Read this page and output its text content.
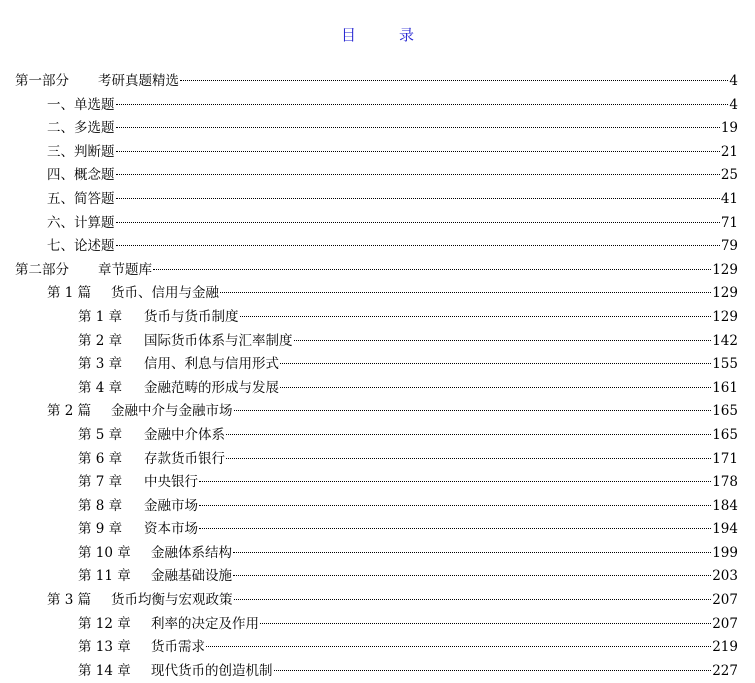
目　录
第一部分 考研真题精选	4
一、单选题	4
二、多选题	19
三、判断题	21
四、概念题	25
五、简答题	41
六、计算题	71
七、论述题	79
第二部分 章节题库	129
第 1 篇 货币、信用与金融	129
第 1 章 货币与货币制度	129
第 2 章 国际货币体系与汇率制度	142
第 3 章 信用、利息与信用形式	155
第 4 章 金融范畴的形成与发展	161
第 2 篇 金融中介与金融市场	165
第 5 章 金融中介体系	165
第 6 章 存款货币银行	171
第 7 章 中央银行	178
第 8 章 金融市场	184
第 9 章 资本市场	194
第 10 章 金融体系结构	199
第 11 章 金融基础设施	203
第 3 篇 货币均衡与宏观政策	207
第 12 章 利率的决定及作用	207
第 13 章 货币需求	219
第 14 章 现代货币的创造机制	227
